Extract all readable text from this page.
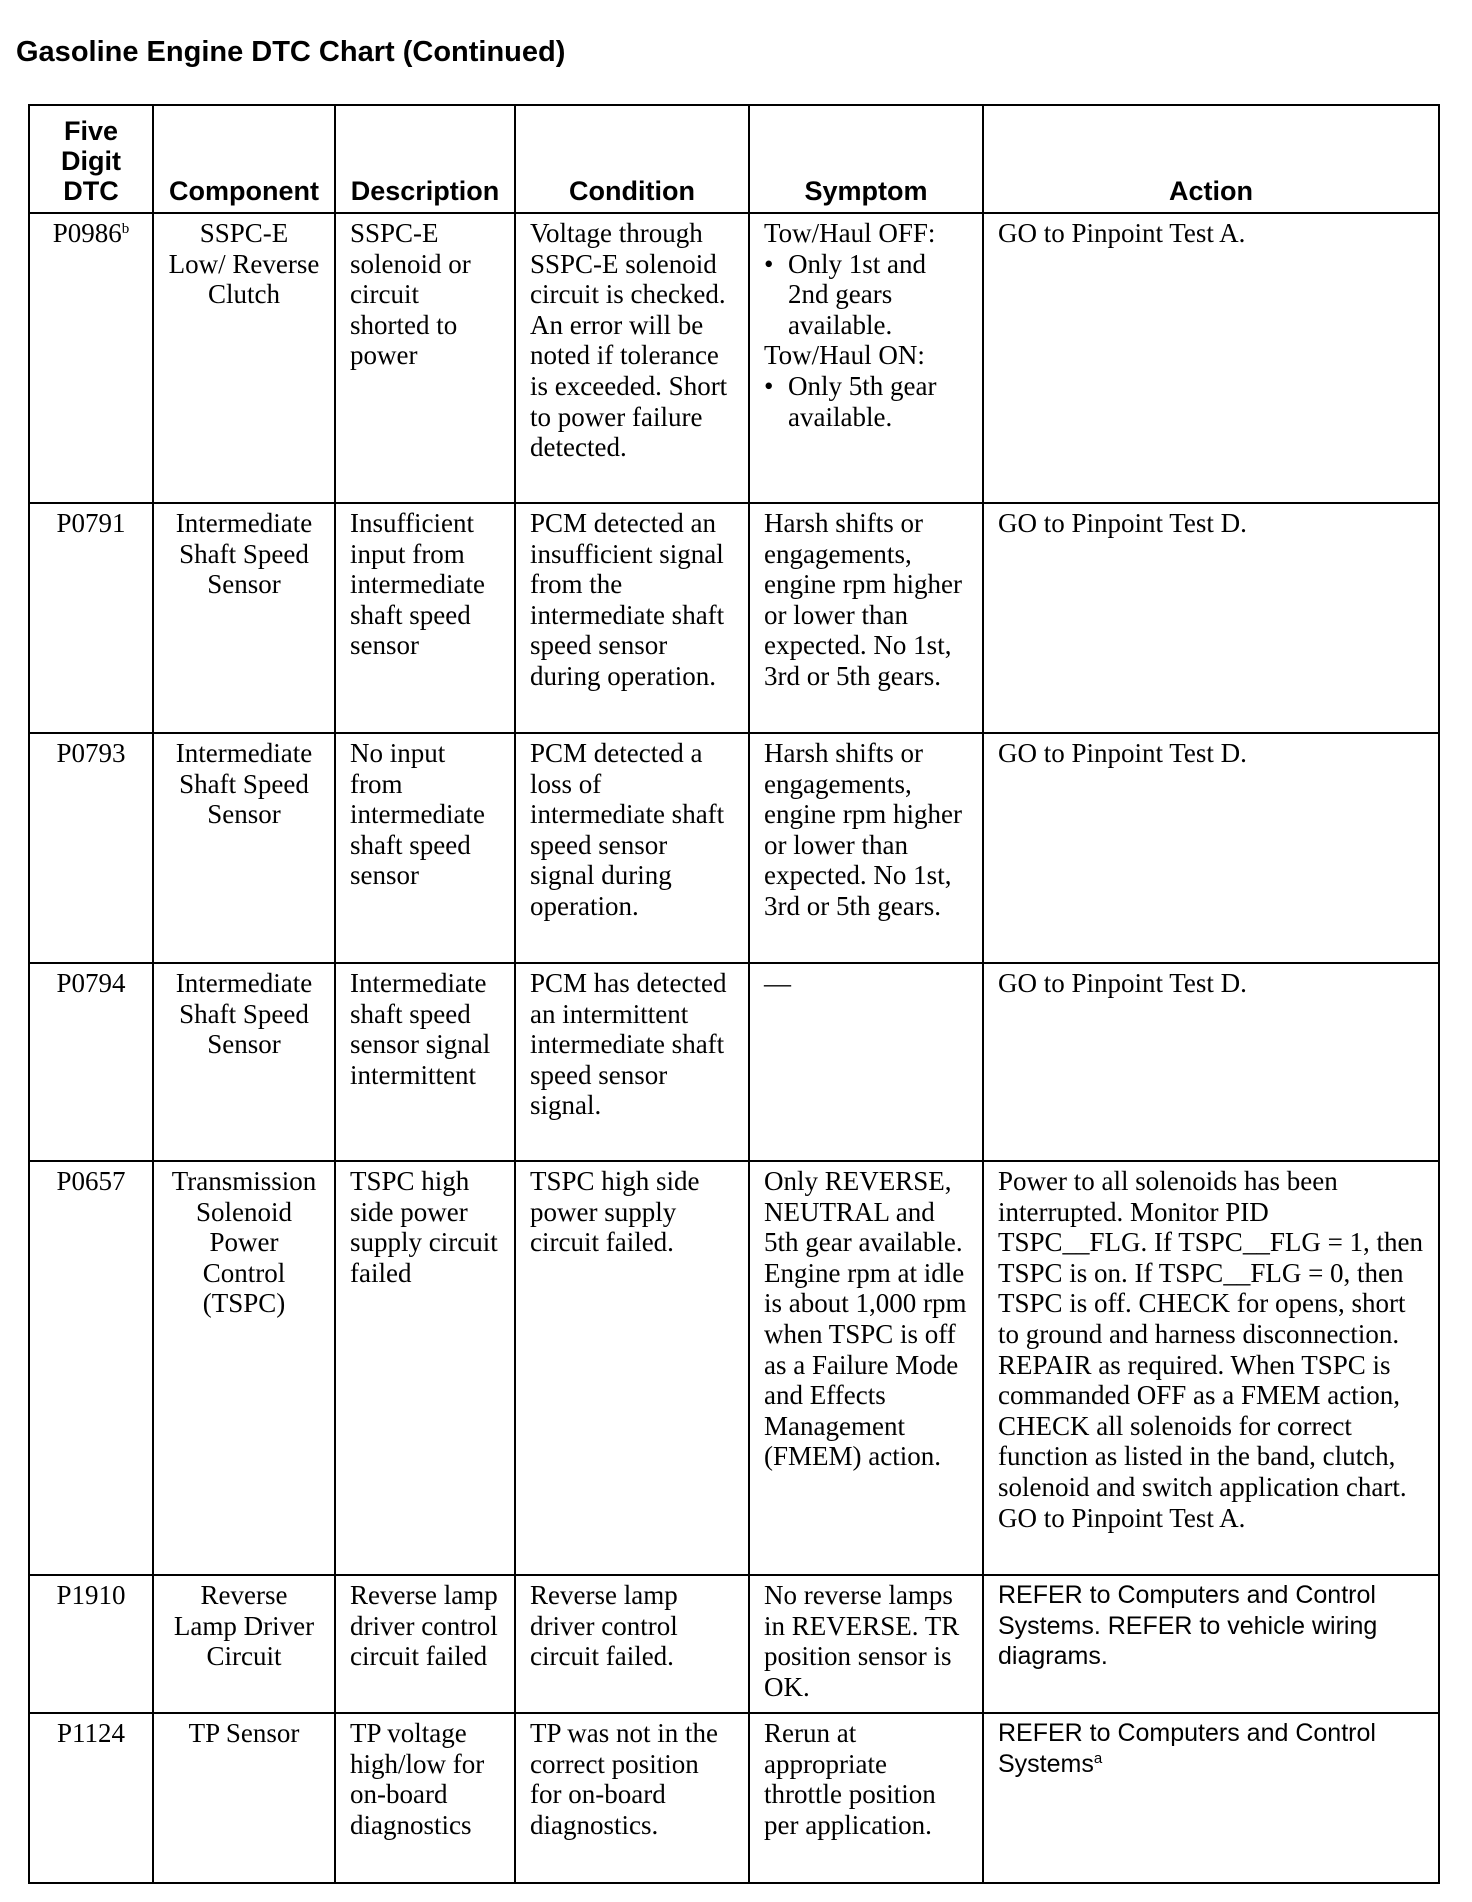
Gasoline Engine DTC Chart (Continued)
Five Digit DTC	Component	Description	Condition	Symptom	Action
P0986$^b$	SSPC-E Low/ Reverse Clutch	SSPC-E solenoid or circuit shorted to power	Voltage through SSPC-E solenoid circuit is checked. An error will be noted if tolerance is exceeded. Short to power failure detected.	Tow/Haul OFF:
• Only 1st and 2nd gears available.
Tow/Haul ON:
• Only 5th gear available.	GO to Pinpoint Test A.
P0791	Intermediate Shaft Speed Sensor	Insufficient input from intermediate shaft speed sensor	PCM detected an insufficient signal from the intermediate shaft speed sensor during operation.	Harsh shifts or engagements, engine rpm higher or lower than expected. No 1st, 3rd or 5th gears.	GO to Pinpoint Test D.
P0793	Intermediate Shaft Speed Sensor	No input from intermediate shaft speed sensor	PCM detected a loss of intermediate shaft speed sensor signal during operation.	Harsh shifts or engagements, engine rpm higher or lower than expected. No 1st, 3rd or 5th gears.	GO to Pinpoint Test D.
P0794	Intermediate Shaft Speed Sensor	Intermediate shaft speed sensor signal intermittent	PCM has detected an intermittent intermediate shaft speed sensor signal.	—	GO to Pinpoint Test D.
P0657	Transmission Solenoid Power Control (TSPC)	TSPC high side power supply circuit failed	TSPC high side power supply circuit failed.	Only REVERSE, NEUTRAL and 5th gear available. Engine rpm at idle is about 1,000 rpm when TSPC is off as a Failure Mode and Effects Management (FMEM) action.	Power to all solenoids has been interrupted. Monitor PID TSPC__FLG. If TSPC__FLG = 1, then TSPC is on. If TSPC__FLG = 0, then TSPC is off. CHECK for opens, short to ground and harness disconnection. REPAIR as required. When TSPC is commanded OFF as a FMEM action, CHECK all solenoids for correct function as listed in the band, clutch, solenoid and switch application chart. GO to Pinpoint Test A.
P1910	Reverse Lamp Driver Circuit	Reverse lamp driver control circuit failed	Reverse lamp driver control circuit failed.	No reverse lamps in REVERSE. TR position sensor is OK.	REFER to Computers and Control Systems. REFER to vehicle wiring diagrams.
P1124	TP Sensor	TP voltage high/low for on-board diagnostics	TP was not in the correct position for on-board diagnostics.	Rerun at appropriate throttle position per application.	REFER to Computers and Control Systems$^a$
